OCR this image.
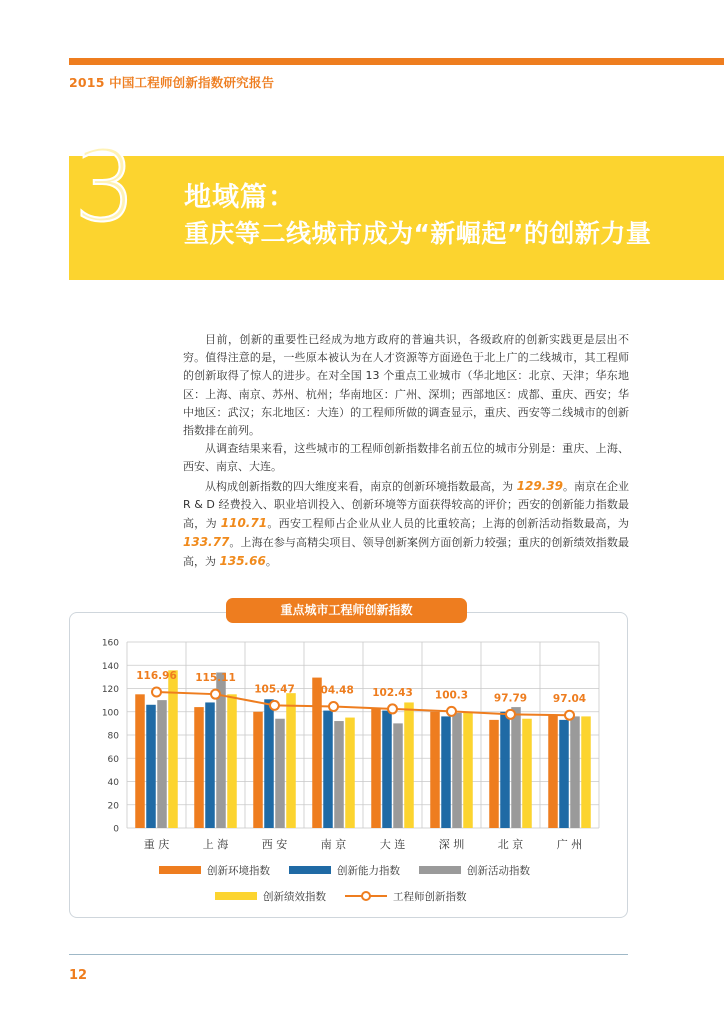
2015 中国工程师创新指数研究报告
3 地域篇：
重庆等二线城市成为“新崛起”的创新力量

目前，创新的重要性已经成为地方政府的普遍共识，各级政府的创新实践更是层出不穷。值得注意的是，一些原本被认为在人才资源等方面逊色于北上广的二线城市，其工程师的创新取得了惊人的进步。在对全国 13 个重点工业城市（华北地区：北京、天津；华东地区：上海、南京、苏州、杭州；华南地区：广州、深圳；西部地区：成都、重庆、西安；华中地区：武汉；东北地区：大连）的工程师所做的调查显示，重庆、西安等二线城市的创新指数排在前列。

从调查结果来看，这些城市的工程师创新指数排名前五位的城市分别是：重庆、上海、西安、南京、大连。

从构成创新指数的四大维度来看，南京的创新环境指数最高，为 129.39。南京在企业 R & D 经费投入、职业培训投入、创新环境等方面获得较高的评价；西安的创新能力指数最高，为 110.71。西安工程师占企业从业人员的比重较高；上海的创新活动指数最高，为 133.77。上海在参与高精尖项目、领导创新案例方面创新力较强；重庆的创新绩效指数最高，为 135.66。

0
20
40
60
80
100
120
140
160
重 庆	上 海	西 安	南 京	大 连	深 圳	北 京	广 州
116.96 115.11
105.47 104.48 102.43 100.3 97.79 97.04
创新环境指数	创新能力指数	创新活动指数
创新绩效指数	工程师创新指数
重点城市工程师创新指数
12
